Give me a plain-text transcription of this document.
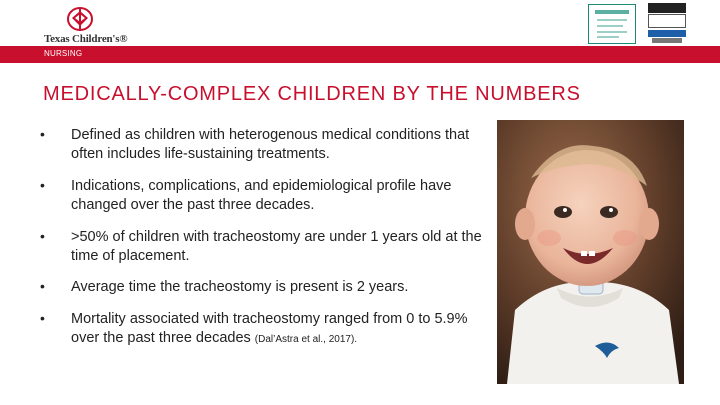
Texas Children's®
NURSING
MEDICALLY-COMPLEX CHILDREN BY THE NUMBERS
• Defined as children with heterogenous medical conditions that often includes life-sustaining treatments.
• Indications, complications, and epidemiological profile have changed over the past three decades.
• >50% of children with tracheostomy are under 1 years old at the time of placement.
• Average time the tracheostomy is present is 2 years.
• Mortality associated with tracheostomy ranged from 0 to 5.9% over the past three decades (Dal’Astra et al., 2017).
